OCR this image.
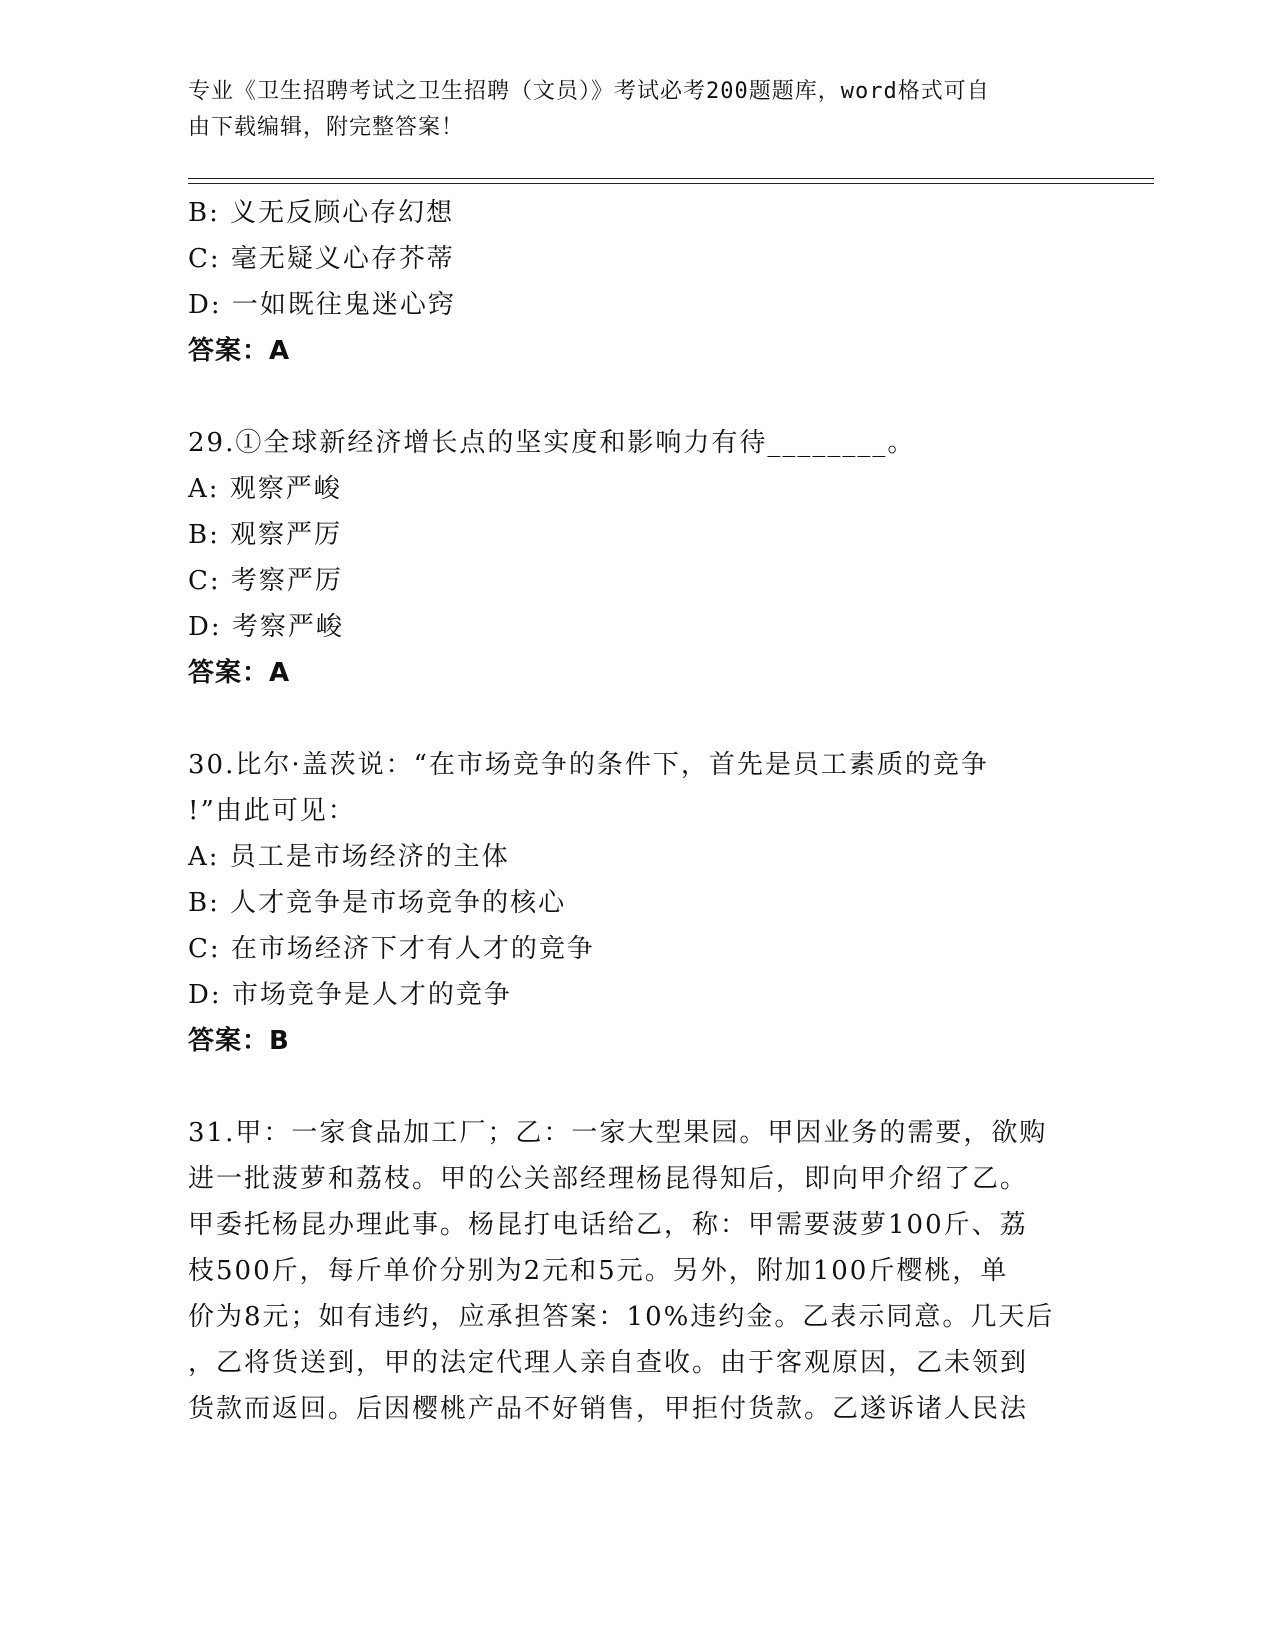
专业《卫生招聘考试之卫生招聘（文员）》考试必考200题题库，word格式可自
由下载编辑，附完整答案！
B: 义无反顾心存幻想
C: 毫无疑义心存芥蒂
D: 一如既往鬼迷心窍
答案：A
29.①全球新经济增长点的坚实度和影响力有待________。
A: 观察严峻
B: 观察严厉
C: 考察严厉
D: 考察严峻
答案：A
30.比尔·盖茨说：“在市场竞争的条件下，首先是员工素质的竞争
!”由此可见：
A: 员工是市场经济的主体
B: 人才竞争是市场竞争的核心
C: 在市场经济下才有人才的竞争
D: 市场竞争是人才的竞争
答案：B
31.甲：一家食品加工厂；乙：一家大型果园。甲因业务的需要，欲购
进一批菠萝和荔枝。甲的公关部经理杨昆得知后，即向甲介绍了乙。
甲委托杨昆办理此事。杨昆打电话给乙，称：甲需要菠萝100斤、荔
枝500斤，每斤单价分别为2元和5元。另外，附加100斤樱桃，单
价为8元；如有违约，应承担答案：10%违约金。乙表示同意。几天后
，乙将货送到，甲的法定代理人亲自查收。由于客观原因，乙未领到
货款而返回。后因樱桃产品不好销售，甲拒付货款。乙遂诉诸人民法
